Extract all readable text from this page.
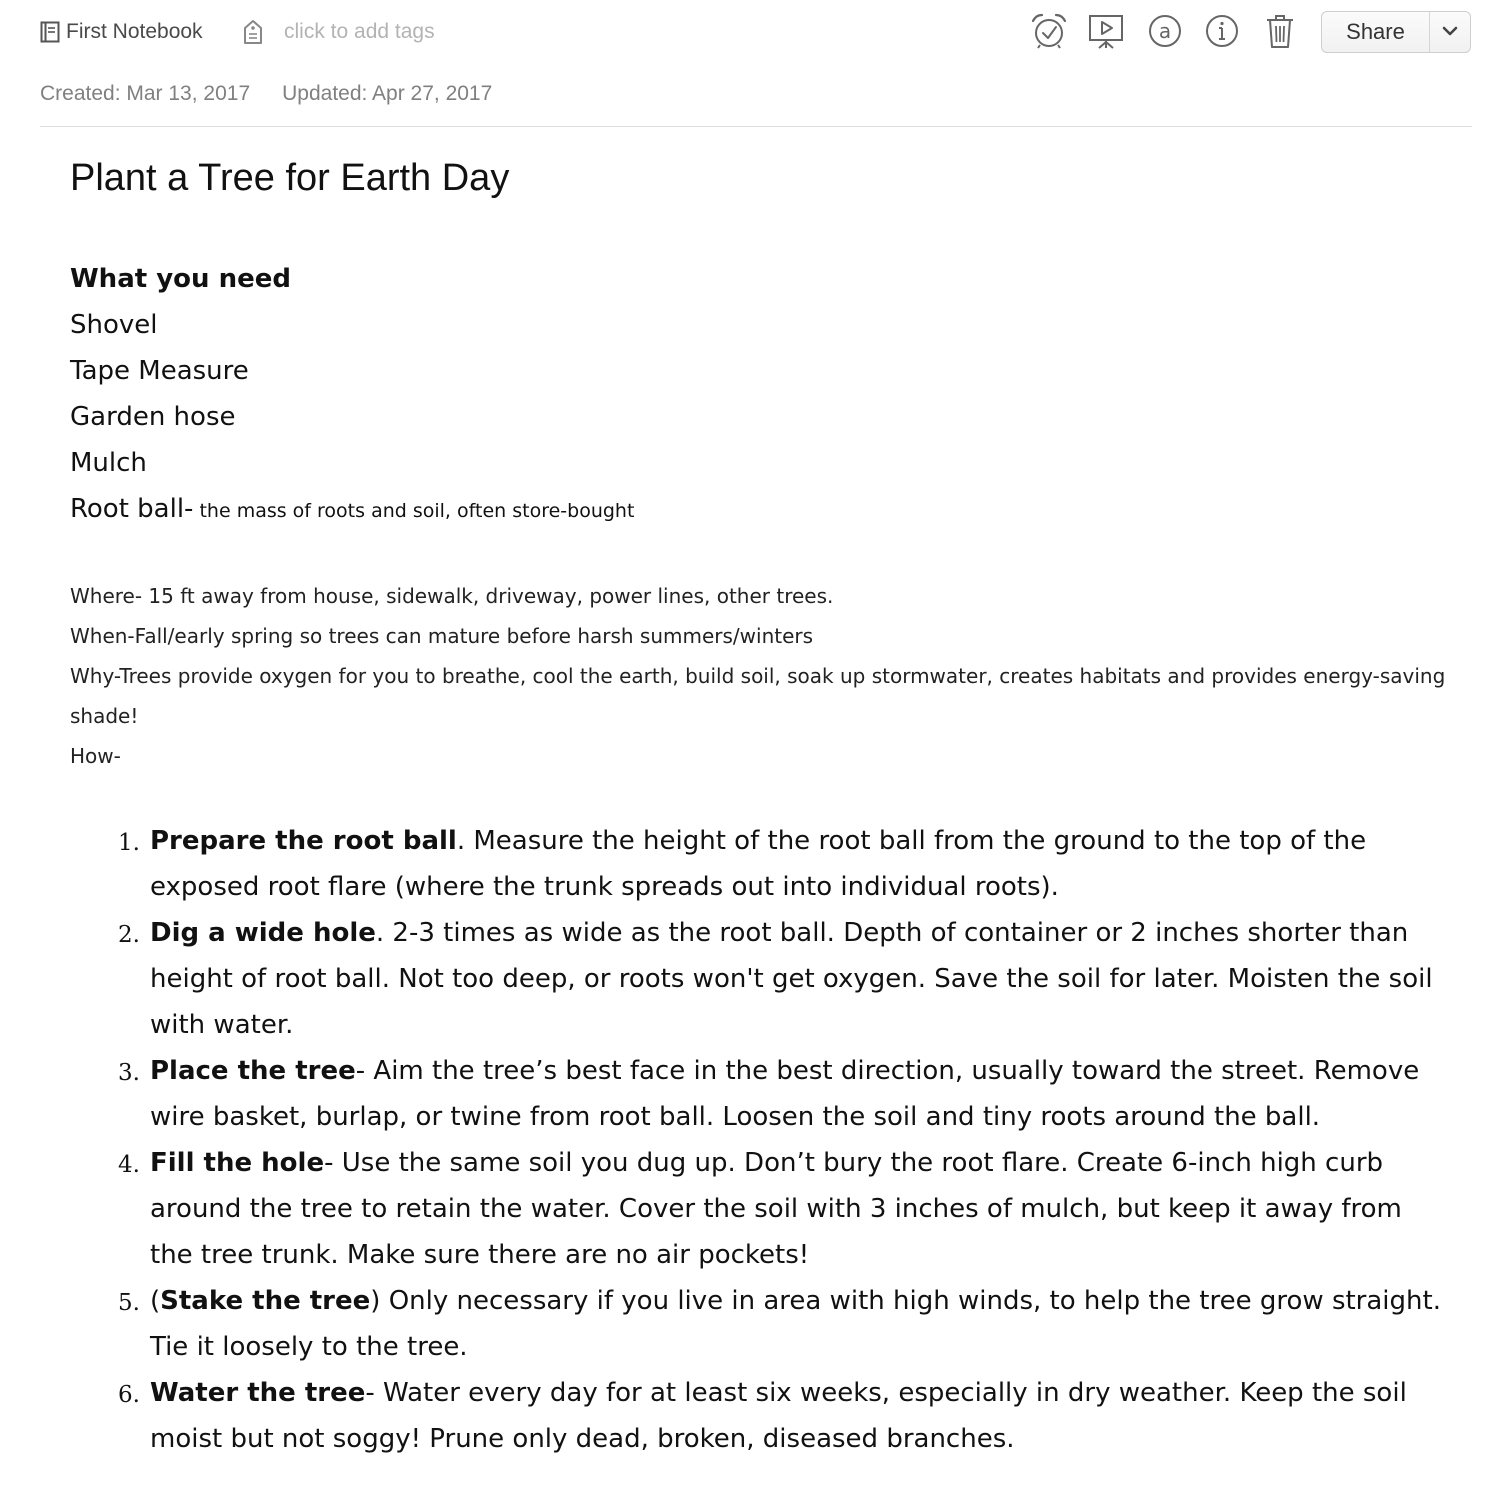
First Notebook	click to add tags	a	Share
Created: Mar 13, 2017 Updated: Apr 27, 2017
Plant a Tree for Earth Day
What you need
Shovel
Tape Measure
Garden hose
Mulch
Root ball- the mass of roots and soil, often store-bought
Where- 15 ft away from house, sidewalk, driveway, power lines, other trees.
When-Fall/early spring so trees can mature before harsh summers/winters
Why-Trees provide oxygen for you to breathe, cool the earth, build soil, soak up stormwater, creates habitats and provides energy-saving shade!
How-
1. Prepare the root ball. Measure the height of the root ball from the ground to the top of the exposed root flare (where the trunk spreads out into individual roots).
2. Dig a wide hole. 2-3 times as wide as the root ball. Depth of container or 2 inches shorter than height of root ball. Not too deep, or roots won't get oxygen. Save the soil for later. Moisten the soil with water.
3. Place the tree- Aim the tree’s best face in the best direction, usually toward the street. Remove wire basket, burlap, or twine from root ball. Loosen the soil and tiny roots around the ball.
4. Fill the hole- Use the same soil you dug up. Don’t bury the root flare. Create 6-inch high curb around the tree to retain the water. Cover the soil with 3 inches of mulch, but keep it away from the tree trunk. Make sure there are no air pockets!
5. (Stake the tree) Only necessary if you live in area with high winds, to help the tree grow straight. Tie it loosely to the tree.
6. Water the tree- Water every day for at least six weeks, especially in dry weather. Keep the soil moist but not soggy! Prune only dead, broken, diseased branches.
